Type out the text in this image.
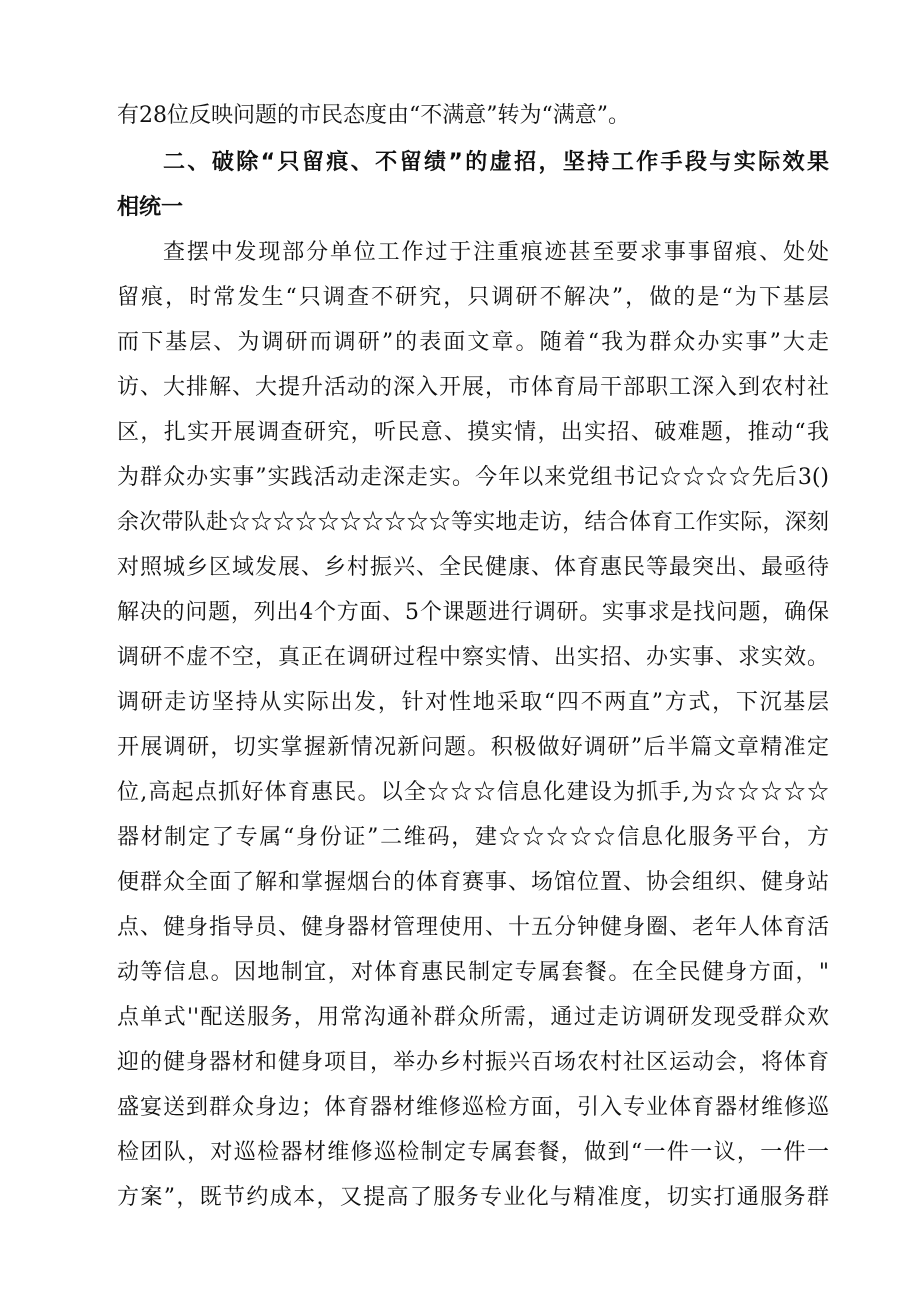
有28位反映问题的市民态度由“不满意”转为“满意”。
二、破除“只留痕、不留绩”的虚招，坚持工作手段与实际效果
相统一
查摆中发现部分单位工作过于注重痕迹甚至要求事事留痕、处处
留痕，时常发生“只调查不研究，只调研不解决”，做的是“为下基层
而下基层、为调研而调研”的表面文章。随着“我为群众办实事”大走
访、大排解、大提升活动的深入开展，市体育局干部职工深入到农村社
区，扎实开展调查研究，听民意、摸实情，出实招、破难题，推动“我
为群众办实事”实践活动走深走实。今年以来党组书记☆☆☆☆先后3()
余次带队赴☆☆☆☆☆☆☆☆☆☆等实地走访，结合体育工作实际，深刻
对照城乡区域发展、乡村振兴、全民健康、体育惠民等最突出、最亟待
解决的问题，列出4个方面、5个课题进行调研。实事求是找问题，确保
调研不虚不空，真正在调研过程中察实情、出实招、办实事、求实效。
调研走访坚持从实际出发，针对性地采取“四不两直”方式，下沉基层
开展调研，切实掌握新情况新问题。积极做好调研”后半篇文章精准定
位,高起点抓好体育惠民。以全☆☆☆信息化建设为抓手,为☆☆☆☆☆
器材制定了专属“身份证”二维码，建☆☆☆☆☆信息化服务平台，方
便群众全面了解和掌握烟台的体育赛事、场馆位置、协会组织、健身站
点、健身指导员、健身器材管理使用、十五分钟健身圈、老年人体育活
动等信息。因地制宜，对体育惠民制定专属套餐。在全民健身方面，"
点单式''配送服务，用常沟通补群众所需，通过走访调研发现受群众欢
迎的健身器材和健身项目，举办乡村振兴百场农村社区运动会，将体育
盛宴送到群众身边；体育器材维修巡检方面，引入专业体育器材维修巡
检团队，对巡检器材维修巡检制定专属套餐，做到“一件一议，一件一
方案”，既节约成本，又提高了服务专业化与精准度，切实打通服务群
